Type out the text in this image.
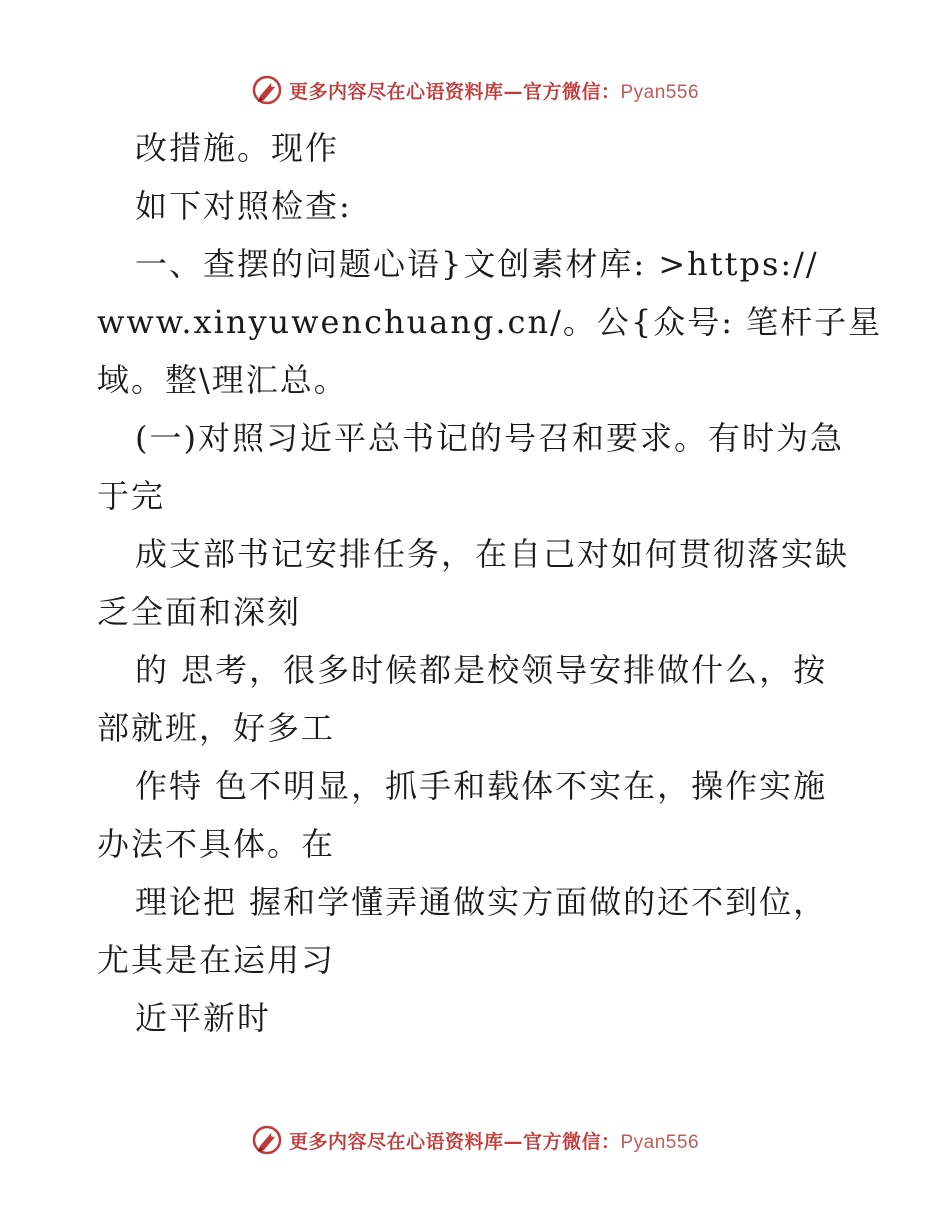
更多内容尽在心语资料库—官方微信：Pyan556
改措施。现作
如下对照检查:
一、查摆的问题心语}文创素材库: >https://
www.xinyuwenchuang.cn/。公{众号: 笔杆子星
域。整\理汇总。
(一)对照习近平总书记的号召和要求。有时为急
于完
成支部书记安排任务，在自己对如何贯彻落实缺
乏全面和深刻
的 思考，很多时候都是校领导安排做什么，按
部就班，好多工
作特 色不明显，抓手和载体不实在，操作实施
办法不具体。在
理论把 握和学懂弄通做实方面做的还不到位，
尤其是在运用习
近平新时
更多内容尽在心语资料库—官方微信：Pyan556
